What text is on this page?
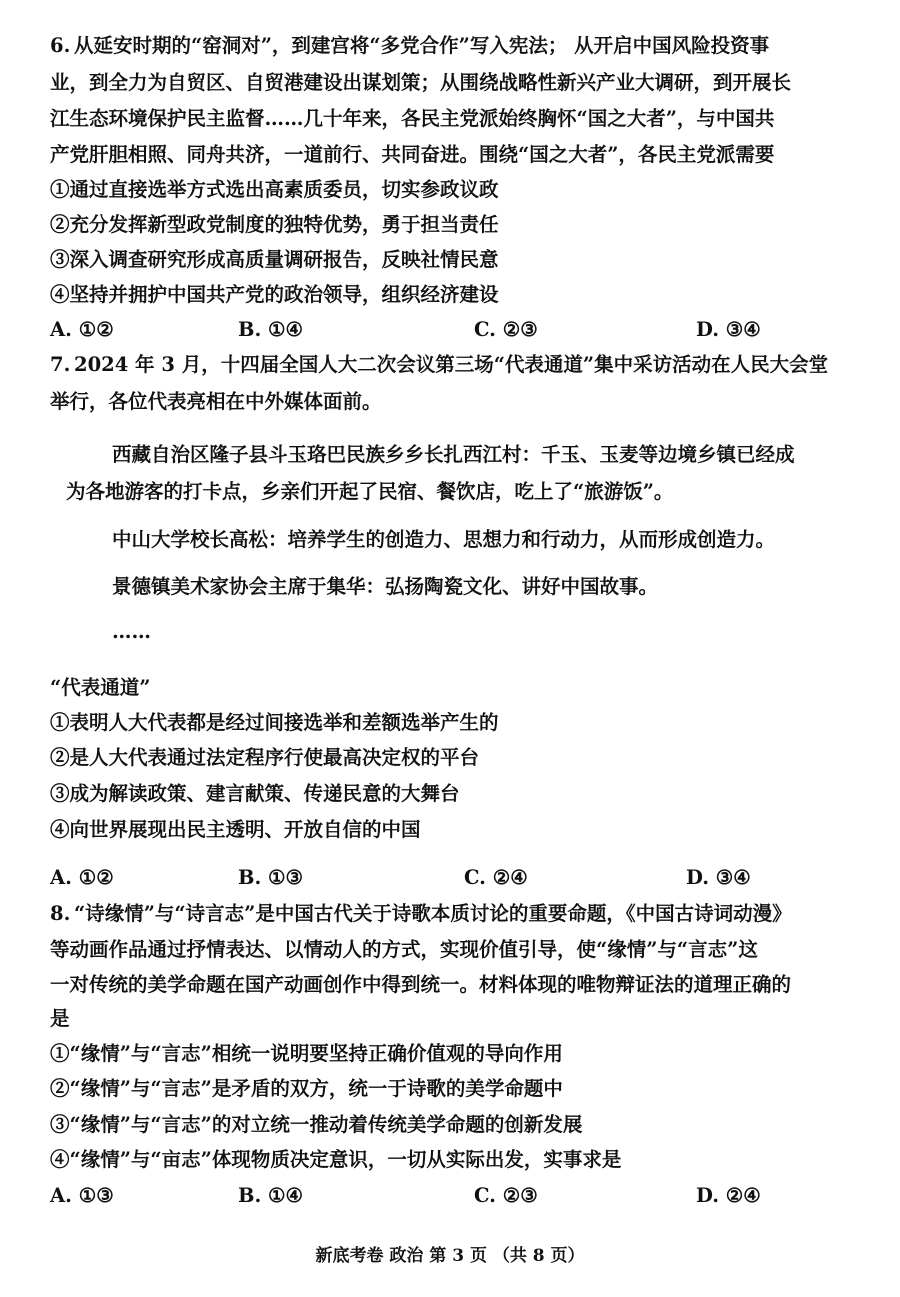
6. 从延安时期的“窑洞对”，到建宫将“多党合作”写入宪法； 从开启中国风险投资事
业，到全力为自贸区、自贸港建设出谋划策；从围绕战略性新兴产业大调研，到开展长
江生态环境保护民主监督……几十年来，各民主党派始终胸怀“国之大者”，与中国共
产党肝胆相照、同舟共济，一道前行、共同奋进。围绕“国之大者”，各民主党派需要
①通过直接选举方式选出高素质委员，切实参政议政
②充分发挥新型政党制度的独特优势，勇于担当责任
③深入调查研究形成高质量调研报告，反映社情民意
④坚持并拥护中国共产党的政治领导，组织经济建设
A. ①②	B. ①④	C. ②③	D. ③④
7. 2024 年 3 月，十四届全国人大二次会议第三场“代表通道”集中采访活动在人民大会堂
举行，各位代表亮相在中外媒体面前。
西藏自治区隆子县斗玉珞巴民族乡乡长扎西江村：千玉、玉麦等边境乡镇已经成
为各地游客的打卡点，乡亲们开起了民宿、餐饮店，吃上了“旅游饭”。
中山大学校长高松：培养学生的创造力、思想力和行动力，从而形成创造力。
景德镇美术家协会主席于集华：弘扬陶瓷文化、讲好中国故事。
……
“代表通道”
①表明人大代表都是经过间接选举和差额选举产生的
②是人大代表通过法定程序行使最高决定权的平台
③成为解读政策、建言献策、传递民意的大舞台
④向世界展现出民主透明、开放自信的中国
A. ①②	B. ①③	C. ②④	D. ③④
8. “诗缘情”与“诗言志”是中国古代关于诗歌本质讨论的重要命题，《中国古诗词动漫》
等动画作品通过抒情表达、以情动人的方式，实现价值引导，使“缘情”与“言志”这
一对传统的美学命题在国产动画创作中得到统一。材料体现的唯物辩证法的道理正确的
是
①“缘情”与“言志”相统一说明要坚持正确价值观的导向作用
②“缘情”与“言志”是矛盾的双方，统一于诗歌的美学命题中
③“缘情”与“言志”的对立统一推动着传统美学命题的创新发展
④“缘情”与“亩志”体现物质决定意识，一切从实际出发，实事求是
A. ①③	B. ①④	C. ②③	D. ②④
新底考卷 政治 第 3 页 （共 8 页）
